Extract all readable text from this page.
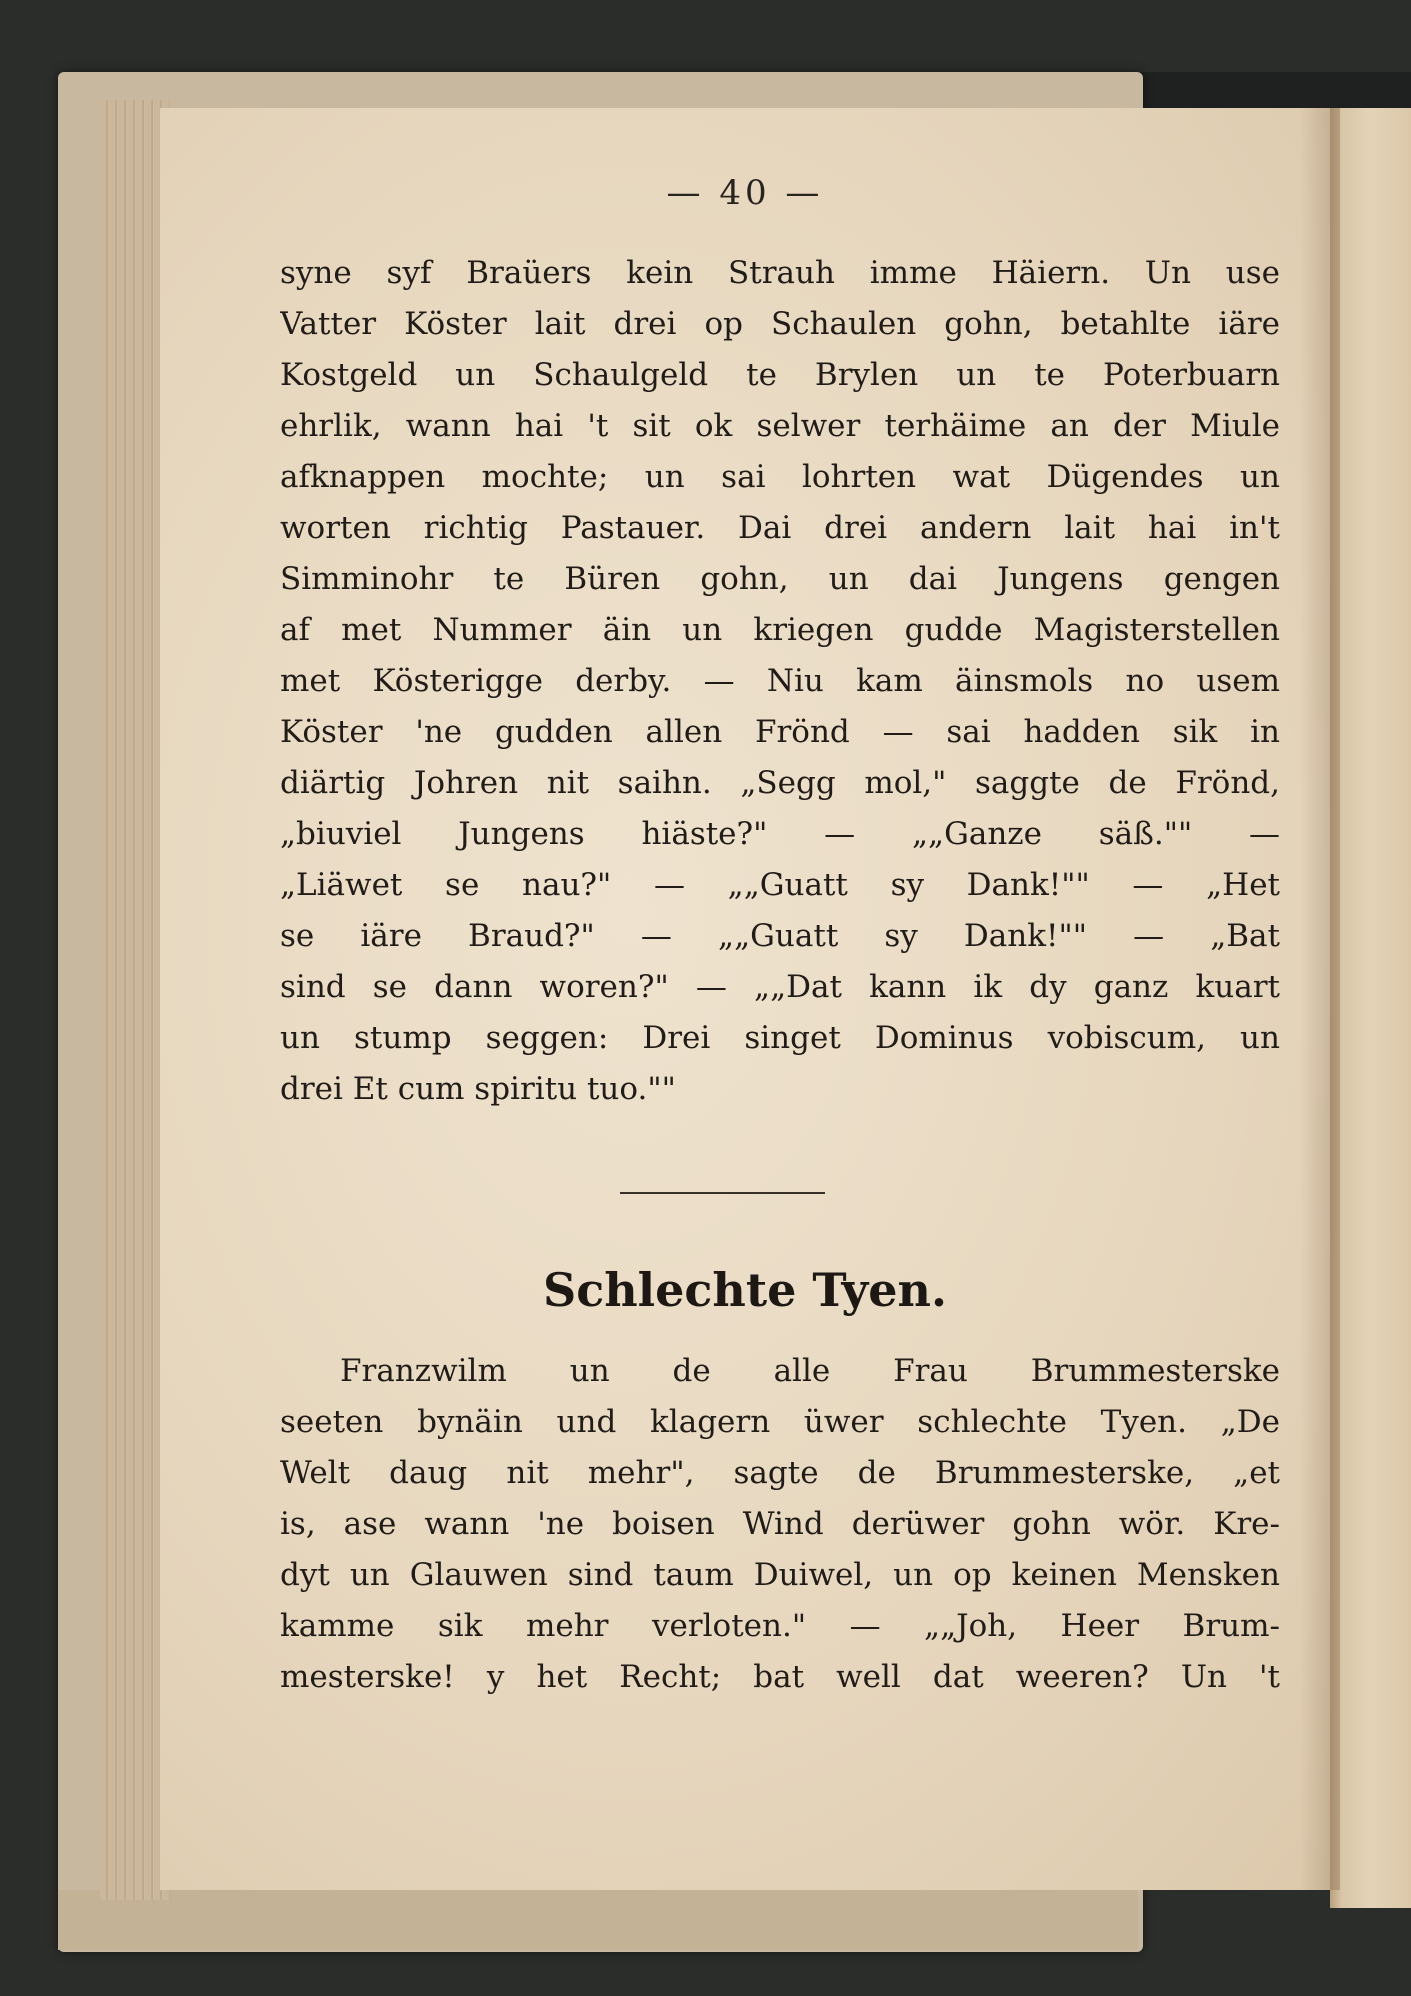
— 40 —

syne syf Braüers kein Strauh imme Häiern. Un use
Vatter Köster lait drei op Schaulen gohn, betahlte iäre
Kostgeld un Schaulgeld te Brylen un te Poterbuarn
ehrlik, wann hai 't sit ok selwer terhäime an der Miule
afknappen mochte; un sai lohrten wat Dügendes un
worten richtig Pastauer. Dai drei andern lait hai in't
Simminohr te Büren gohn, un dai Jungens gengen
af met Nummer äin un kriegen gudde Magisterstellen
met Kösterigge derby. — Niu kam äinsmols no usem
Köster 'ne gudden allen Frönd — sai hadden sik in
diärtig Johren nit saihn. „Segg mol," saggte de Frönd,
„biuviel Jungens hiäste?" — „„Ganze säß."" —
„Liäwet se nau?" — „„Guatt sy Dank!"" — „Het
se iäre Braud?" — „„Guatt sy Dank!"" — „Bat
sind se dann woren?" — „„Dat kann ik dy ganz kuart
un stump seggen: Drei singet Dominus vobiscum, un
drei Et cum spiritu tuo.""
Schlechte Tyen.
Franzwilm un de alle Frau Brummesterske
seeten bynäin und klagern üwer schlechte Tyen. „De
Welt daug nit mehr", sagte de Brummesterske, „et
is, ase wann 'ne boisen Wind derüwer gohn wör. Kre-
dyt un Glauwen sind taum Duiwel, un op keinen Mensken
kamme sik mehr verloten." — „„Joh, Heer Brum-
mesterske! y het Recht; bat well dat weeren? Un 't
